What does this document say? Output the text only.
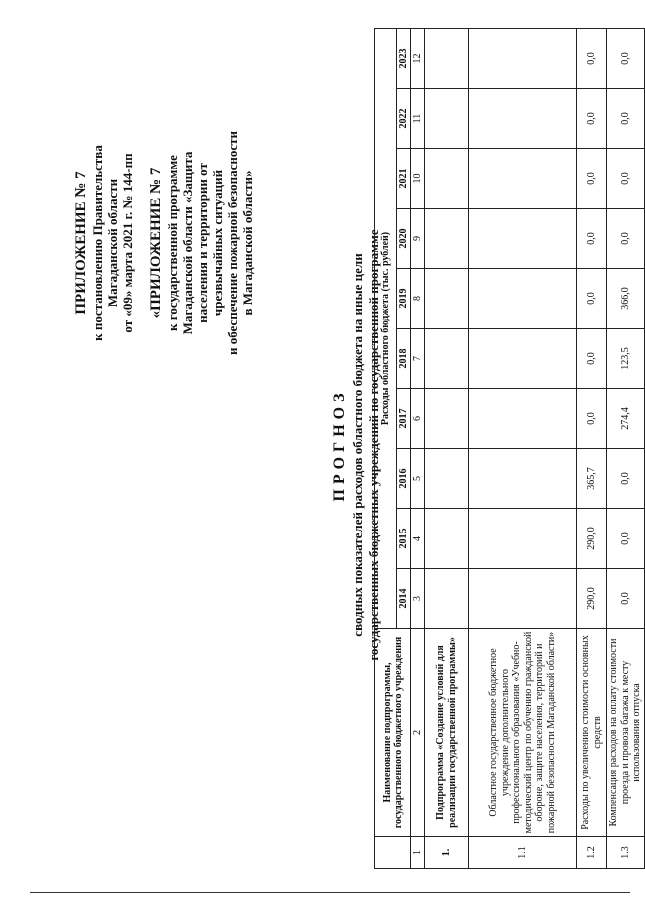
ПРИЛОЖЕНИЕ № 7 к постановлению Правительства Магаданской области от «09» марта 2021 г. № 144-пп «ПРИЛОЖЕНИЕ № 7 к государственной программе Магаданской области «Защита населения и территории от чрезвычайных ситуаций и обеспечение пожарной безопасности в Магаданской области»
ПРОГНОЗ сводных показателей расходов областного бюджета на иные цели государственных бюджетных учреждений по государственной программе
	Наименование подпрограммы, государственного бюджетного учреждения	Расходы областного бюджета (тыс. рублей)									
		2014	2015	2016	2017	2018	2019	2020	2021	2022	2023
1	2	3	4	5	6	7	8	9	10	11	12
1.	Подпрограмма «Создание условий для реализации государственной программы»										
1.1	Областное государственное бюджетное учреждение дополнительного профессионального образования «Учебно-методический центр по обучению гражданской обороне, защите населения, территорий и пожарной безопасности Магаданской области»										
1.2	Расходы по увеличению стоимости основных средств	290,0	290,0	365,7	0,0	0,0	0,0	0,0	0,0	0,0	0,0
1.3	Компенсация расходов на оплату стоимости проезда и провоза багажа к месту использования отпуска	0,0	0,0	0,0	274,4	123,5	366,0	0,0	0,0	0,0	0,0
